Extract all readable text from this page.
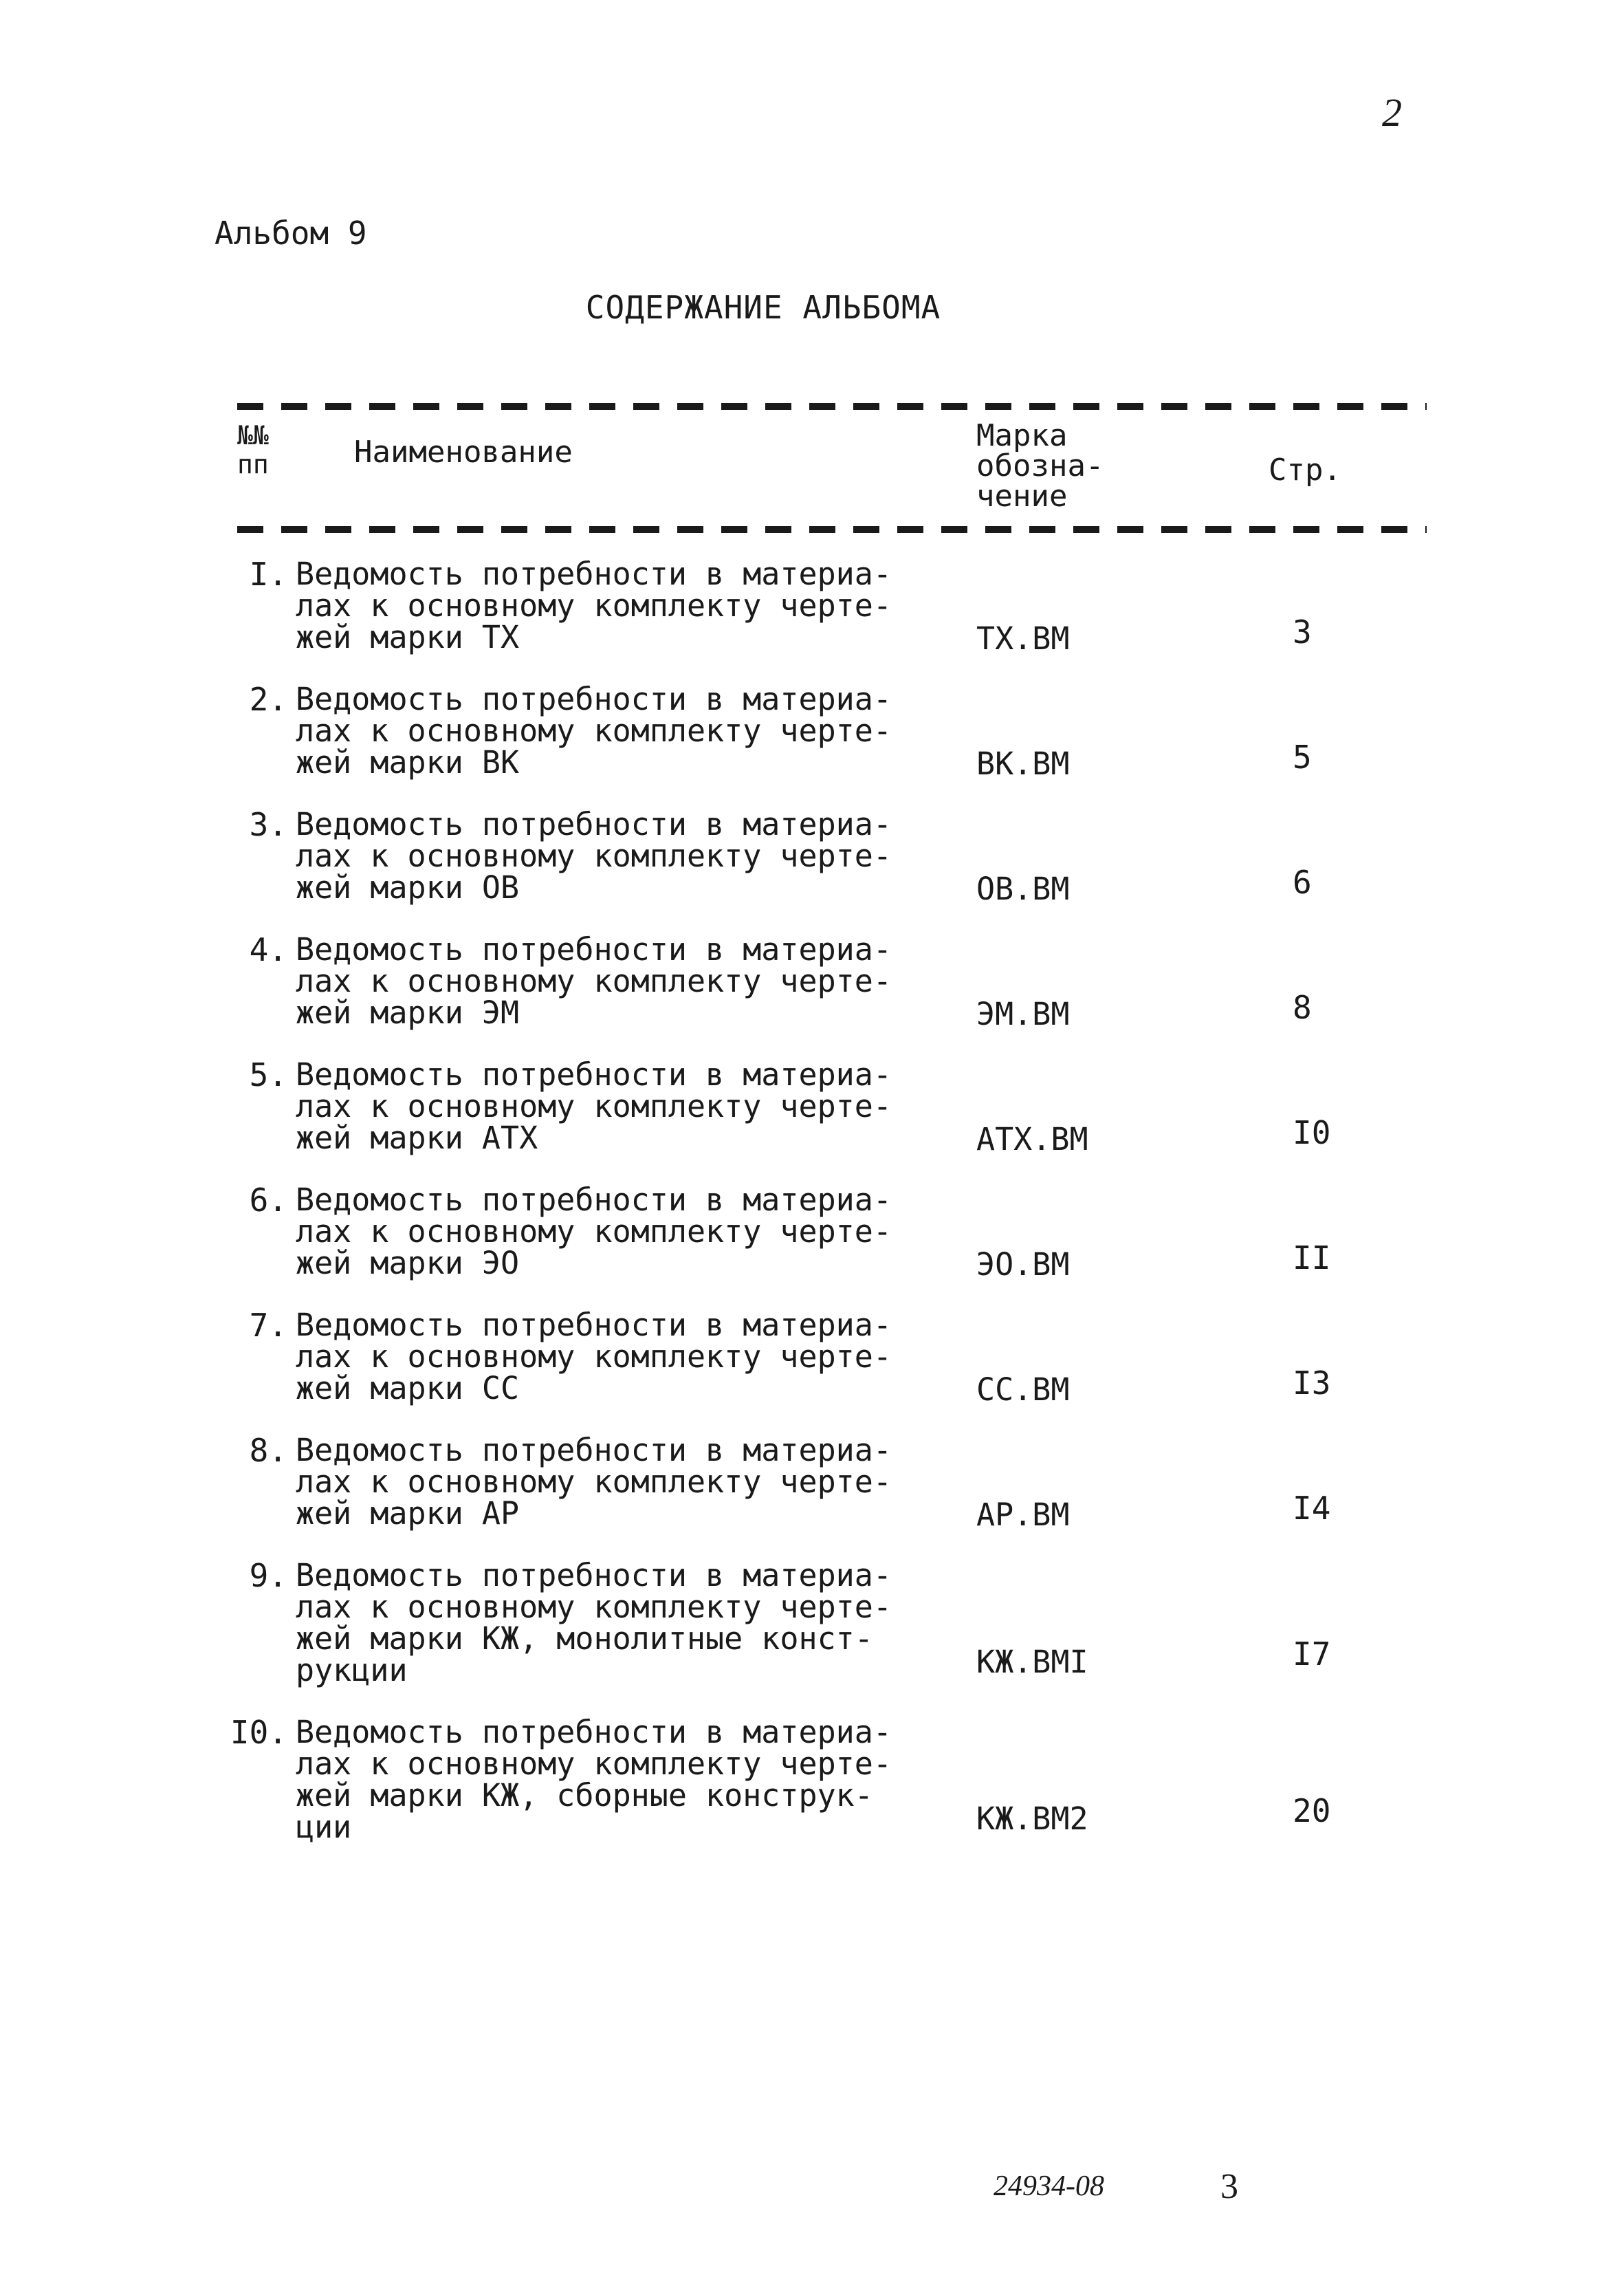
2
Альбом 9
СОДЕРЖАНИЕ АЛЬБОМА
№№
пп	Наименование	Марка
обозна-
чение
Стр.
I. Ведомость потребности в материа-
лах к основному комплекту черте-
жей марки ТХ	ТХ.ВМ	3
2. Ведомость потребности в материа-
лах к основному комплекту черте-
жей марки ВК	ВК.ВМ	5
3. Ведомость потребности в материа-
лах к основному комплекту черте-
жей марки ОВ	ОВ.ВМ	6
4. Ведомость потребности в материа-
лах к основному комплекту черте-
жей марки ЭМ	ЭМ.ВМ	8
5. Ведомость потребности в материа-
лах к основному комплекту черте-
жей марки АТХ	АТХ.ВМ	I0
6. Ведомость потребности в материа-
лах к основному комплекту черте-
жей марки ЭО	ЭО.ВМ	II
7. Ведомость потребности в материа-
лах к основному комплекту черте-
жей марки СС	СС.ВМ	I3
8. Ведомость потребности в материа-
лах к основному комплекту черте-
жей марки АР	АР.ВМ	I4
9. Ведомость потребности в материа-
лах к основному комплекту черте-
жей марки КЖ, монолитные конст-
рукции	КЖ.ВМI	I7
I0. Ведомость потребности в материа-
лах к основному комплекту черте-
жей марки КЖ, сборные конструк-
ции	КЖ.ВМ2	20
24934-08	3
